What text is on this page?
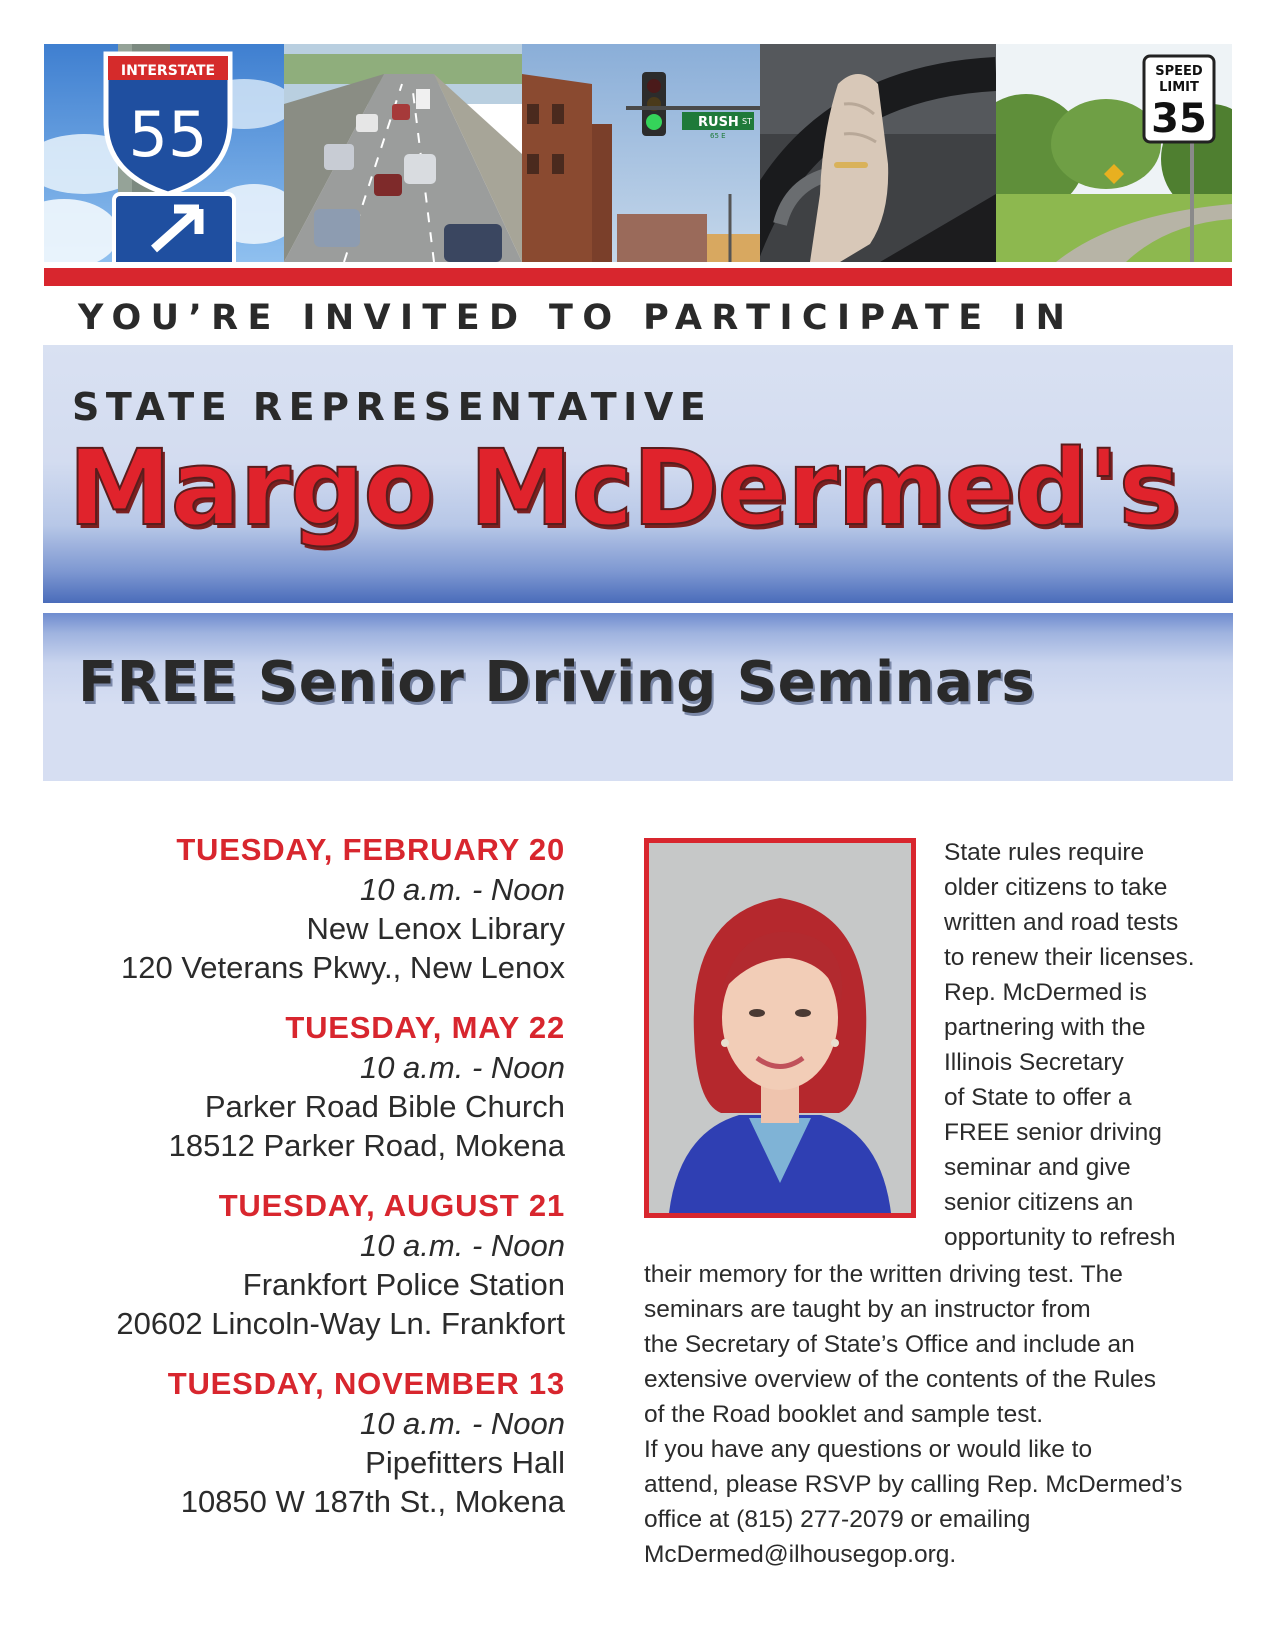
INTERSTATE
55	RUSH ST
65 E
SPEED
LIMIT
35
YOU’RE INVITED TO PARTICIPATE IN
STATE REPRESENTATIVE
Margo McDermed's
FREE Senior Driving Seminars
TUESDAY, FEBRUARY 20
10 a.m. - Noon
New Lenox Library
120 Veterans Pkwy., New Lenox
TUESDAY, MAY 22
10 a.m. - Noon
Parker Road Bible Church
18512 Parker Road, Mokena
TUESDAY, AUGUST 21
10 a.m. - Noon
Frankfort Police Station
20602 Lincoln-Way Ln. Frankfort
TUESDAY, NOVEMBER 13
10 a.m. - Noon
Pipefitters Hall
10850 W 187th St., Mokena
State rules require
older citizens to take
written and road tests
to renew their licenses.
Rep. McDermed is
partnering with the
Illinois Secretary
of State to offer a
FREE senior driving
seminar and give
senior citizens an
opportunity to refresh
their memory for the written driving test. The
seminars are taught by an instructor from
the Secretary of State’s Office and include an
extensive overview of the contents of the Rules
of the Road booklet and sample test.
If you have any questions or would like to
attend, please RSVP by calling Rep. McDermed’s
office at (815) 277-2079 or emailing
McDermed@ilhousegop.org.
